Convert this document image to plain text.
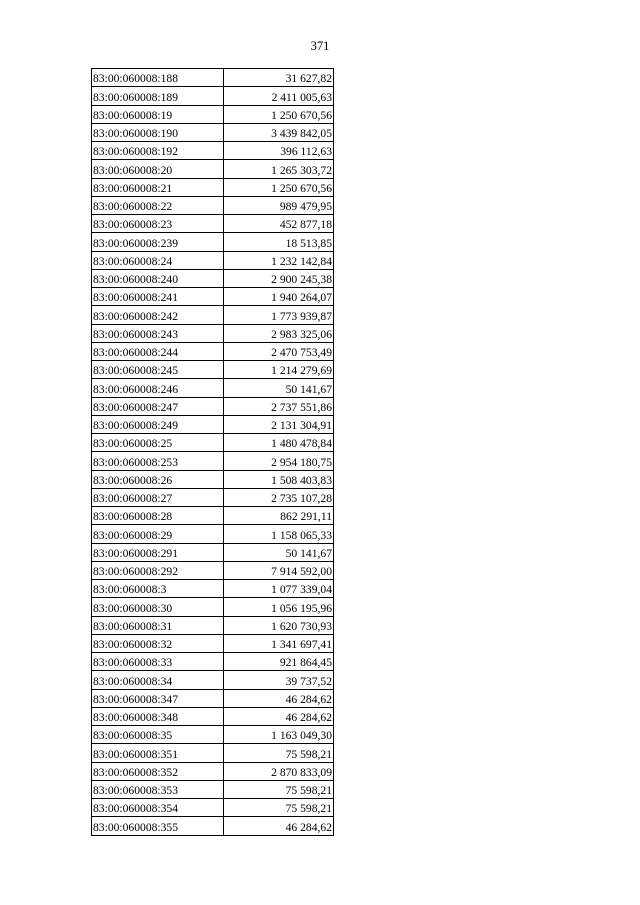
371
83:00:060008:188	31 627,82
83:00:060008:189	2 411 005,63
83:00:060008:19	1 250 670,56
83:00:060008:190	3 439 842,05
83:00:060008:192	396 112,63
83:00:060008:20	1 265 303,72
83:00:060008:21	1 250 670,56
83:00:060008:22	989 479,95
83:00:060008:23	452 877,18
83:00:060008:239	18 513,85
83:00:060008:24	1 232 142,84
83:00:060008:240	2 900 245,38
83:00:060008:241	1 940 264,07
83:00:060008:242	1 773 939,87
83:00:060008:243	2 983 325,06
83:00:060008:244	2 470 753,49
83:00:060008:245	1 214 279,69
83:00:060008:246	50 141,67
83:00:060008:247	2 737 551,86
83:00:060008:249	2 131 304,91
83:00:060008:25	1 480 478,84
83:00:060008:253	2 954 180,75
83:00:060008:26	1 508 403,83
83:00:060008:27	2 735 107,28
83:00:060008:28	862 291,11
83:00:060008:29	1 158 065,33
83:00:060008:291	50 141,67
83:00:060008:292	7 914 592,00
83:00:060008:3	1 077 339,04
83:00:060008:30	1 056 195,96
83:00:060008:31	1 620 730,93
83:00:060008:32	1 341 697,41
83:00:060008:33	921 864,45
83:00:060008:34	39 737,52
83:00:060008:347	46 284,62
83:00:060008:348	46 284,62
83:00:060008:35	1 163 049,30
83:00:060008:351	75 598,21
83:00:060008:352	2 870 833,09
83:00:060008:353	75 598,21
83:00:060008:354	75 598,21
83:00:060008:355	46 284,62
